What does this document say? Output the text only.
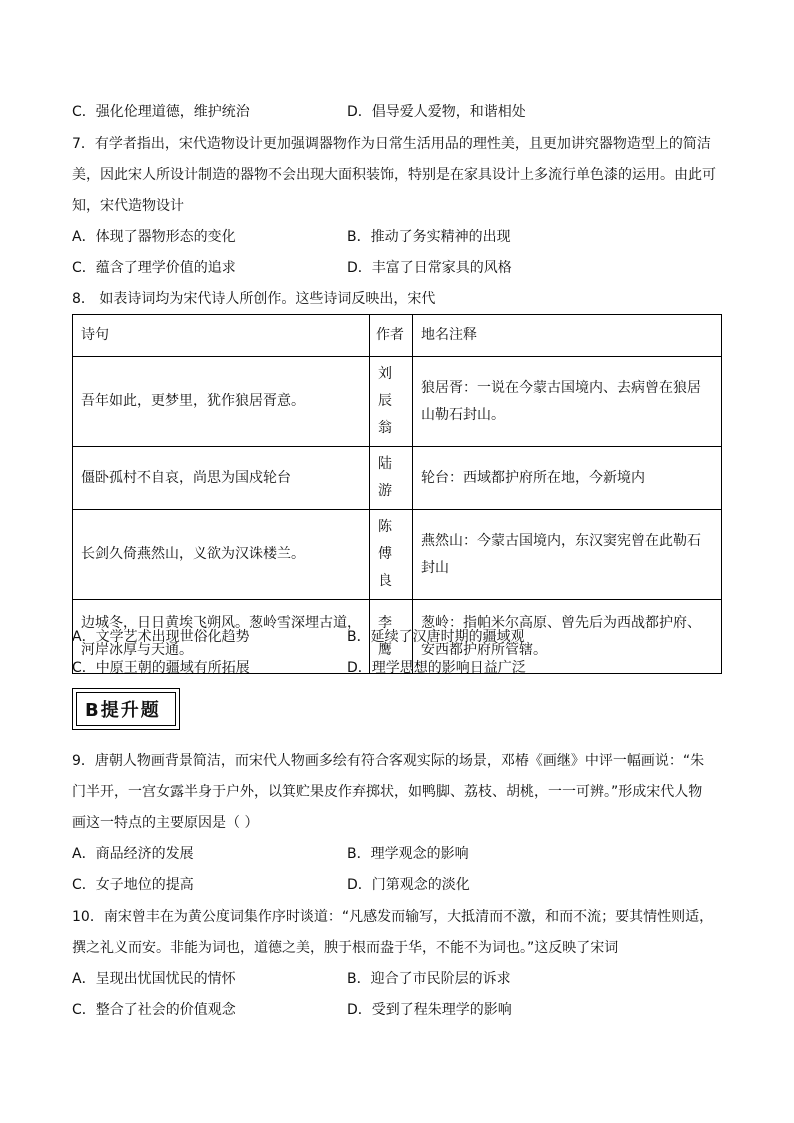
C．强化伦理道德，维护统治	D．倡导爱人爱物，和谐相处
7．有学者指出，宋代造物设计更加强调器物作为日常生活用品的理性美，且更加讲究器物造型上的简洁
美，因此宋人所设计制造的器物不会出现大面积装饰，特别是在家具设计上多流行单色漆的运用。由此可
知，宋代造物设计
A．体现了器物形态的变化	B．推动了务实精神的出现
C．蕴含了理学价值的追求	D．丰富了日常家具的风格
8． 如表诗词均为宋代诗人所创作。这些诗词反映出，宋代
诗句	作者	地名注释
吾年如此，更梦里，犹作狼居胥意。	刘辰翁	狼居胥：一说在今蒙古国境内、去病曾在狼居山勒石封山。
僵卧孤村不自哀，尚思为国戍轮台	陆游	轮台：西域都护府所在地，今新境内
长剑久倚燕然山，义欲为汉诛楼兰。	陈傅良	燕然山：今蒙古国境内，东汉窦宪曾在此勒石封山
边城冬，日日黄埃飞朔风。葱岭雪深埋古道，河岸冰厚与天通。	李鹰	葱岭：指帕米尔高原、曾先后为西战都护府、安西都护府所管辖。
A．文学艺术出现世俗化趋势	B．延续了汉唐时期的疆域观
C．中原王朝的疆域有所拓展	D．理学思想的影响日益广泛
B提升题
9．唐朝人物画背景简洁，而宋代人物画多绘有符合客观实际的场景，邓椿《画继》中评一幅画说：“朱
门半开，一宫女露半身于户外，以箕贮果皮作弃掷状，如鸭脚、荔枝、胡桃，一一可辨。”形成宋代人物
画这一特点的主要原因是（ ）
A．商品经济的发展	B．理学观念的影响
C．女子地位的提高	D．门第观念的淡化
10．南宋曾丰在为黄公度词集作序时谈道：“凡感发而输写，大抵清而不激，和而不流；要其情性则适，
撰之礼义而安。非能为词也，道德之美，腴于根而盎于华，不能不为词也。”这反映了宋词
A．呈现出忧国忧民的情怀	B．迎合了市民阶层的诉求
C．整合了社会的价值观念	D．受到了程朱理学的影响
